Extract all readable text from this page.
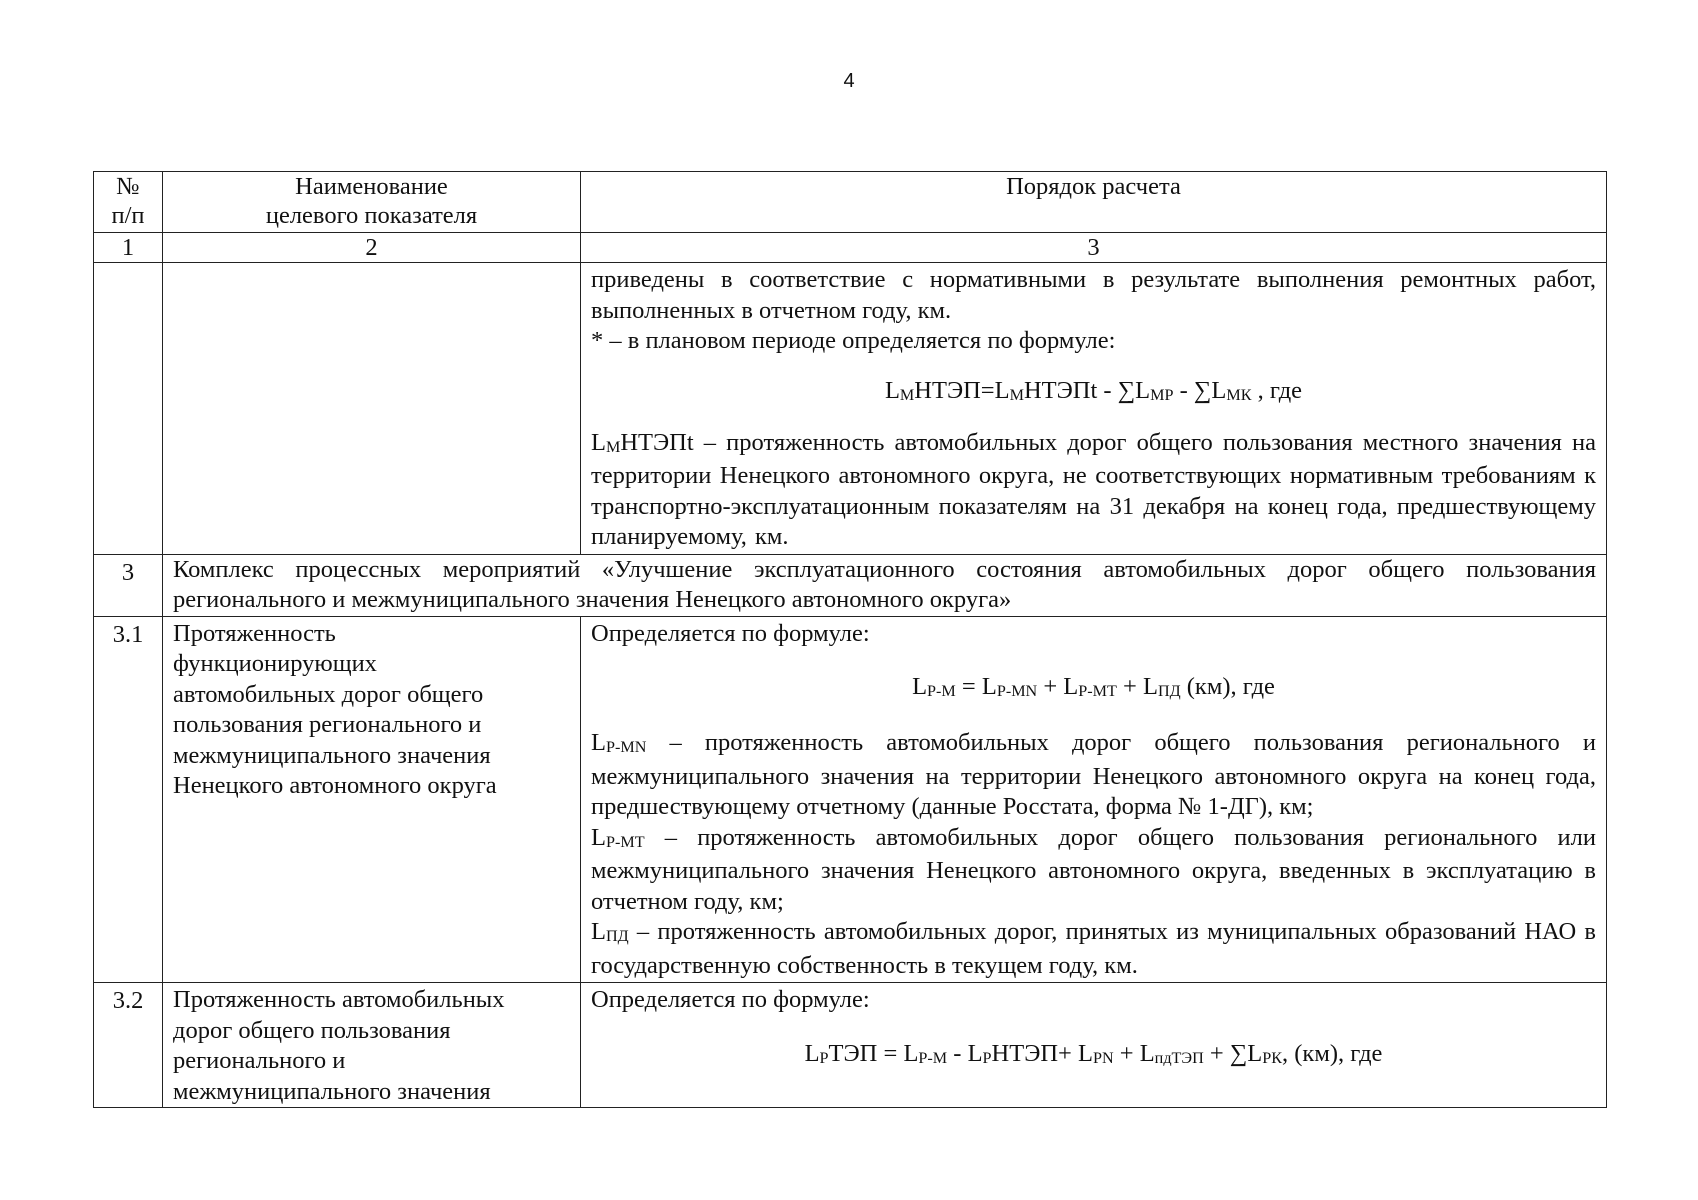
4
№ п/п	Наименование целевого показателя	Порядок расчета
1	2	3

		приведены в соответствие с нормативными в результате выполнения ремонтных работ,

выполненных в отчетном году, км.

* – в плановом периоде определяется по формуле:

$L_МНТЭП=L_МНТЭПt - \sum L_{МР} - \sum L_{МК}$ , где

$L_МНТЭПt$ – протяженность автомобильных дорог общего пользования местного значения на территории Ненецкого автономного округа, не соответствующих нормативным требованиям к транспортно-эксплуатационным показателям на 31 декабря на конец года, предшествующему планируемому, км.

3	Комплекс процессных мероприятий «Улучшение эксплуатационного состояния автомобильных дорог общего пользования регионального и межмуниципального значения Ненецкого автономного округа»	

3.1	Протяженность функционирующих автомобильных дорог общего пользования регионального и межмуниципального значения Ненецкого автономного округа	Определяется по формуле:

$L_{Р-М} = L_{Р-МN} + L_{Р-МТ} + L_{ПД}$ (км), где

$L_{Р-МN}$ – протяженность автомобильных дорог общего пользования регионального и межмуниципального значения на территории Ненецкого автономного округа на конец года, предшествующему отчетному (данные Росстата, форма № 1-ДГ), км;

$L_{Р-МТ}$ – протяженность автомобильных дорог общего пользования регионального или межмуниципального значения Ненецкого автономного округа, введенных в эксплуатацию в отчетном году, км;

$L_{ПД}$ – протяженность автомобильных дорог, принятых из муниципальных образований НАО в государственную собственность в текущем году, км.

3.2	Протяженность автомобильных дорог общего пользования регионального и межмуниципального значения	Определяется по формуле:

$L_РТЭП = L_{Р-М}$ - $L_РНТЭП+ L_{РN} + L_{пдТЭП} + \sum L_{РК}$, (км), где
